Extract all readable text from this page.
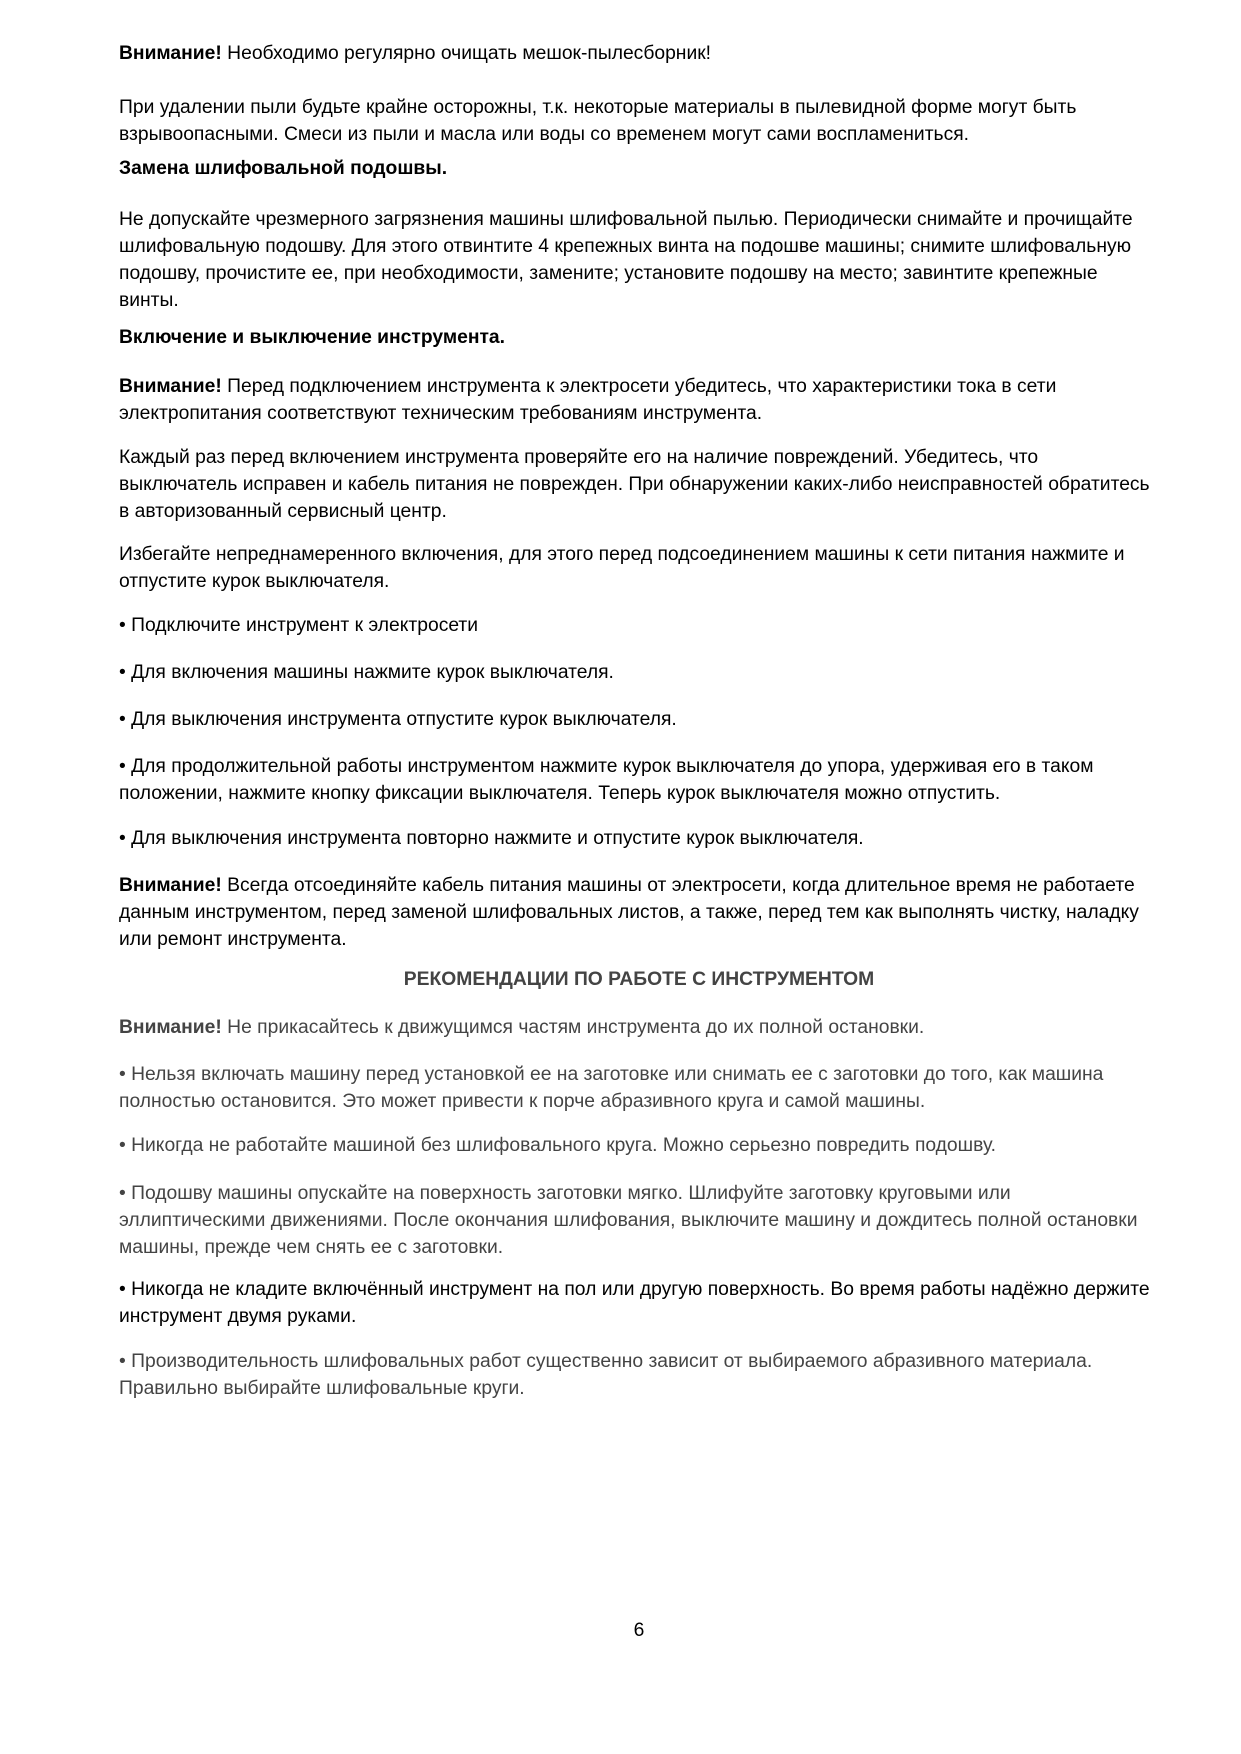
Внимание! Необходимо регулярно очищать мешок-пылесборник!

При удалении пыли будьте крайне осторожны, т.к. некоторые материалы в пылевидной форме могут быть взрывоопасными. Смеси из пыли и масла или воды со временем могут сами воспламениться.

Замена шлифовальной подошвы.

Не допускайте чрезмерного загрязнения машины шлифовальной пылью. Периодически снимайте и прочищайте шлифовальную подошву. Для этого отвинтите 4 крепежных винта на подошве машины; снимите шлифовальную подошву, прочистите ее, при необходимости, замените; установите подошву на место; завинтите крепежные винты.

Включение и выключение инструмента.

Внимание! Перед подключением инструмента к электросети убедитесь, что характеристики тока в сети электропитания соответствуют техническим требованиям инструмента.

Каждый раз перед включением инструмента проверяйте его на наличие повреждений. Убедитесь, что выключатель исправен и кабель питания не поврежден. При обнаружении каких-либо неисправностей обратитесь в авторизованный сервисный центр.

Избегайте непреднамеренного включения, для этого перед подсоединением машины к сети питания нажмите и отпустите курок выключателя.

• Подключите инструмент к электросети

• Для включения машины нажмите курок выключателя.

• Для выключения инструмента отпустите курок выключателя.

• Для продолжительной работы инструментом нажмите курок выключателя до упора, удерживая его в таком положении, нажмите кнопку фиксации выключателя. Теперь курок выключателя можно отпустить.

• Для выключения инструмента повторно нажмите и отпустите курок выключателя.

Внимание! Всегда отсоединяйте кабель питания машины от электросети, когда длительное время не работаете данным инструментом, перед заменой шлифовальных листов, а также, перед тем как выполнять чистку, наладку или ремонт инструмента.

РЕКОМЕНДАЦИИ ПО РАБОТЕ С ИНСТРУМЕНТОМ

Внимание! Не прикасайтесь к движущимся частям инструмента до их полной остановки.

• Нельзя включать машину перед установкой ее на заготовке или снимать ее с заготовки до того, как машина полностью остановится. Это может привести к порче абразивного круга и самой машины.

• Никогда не работайте машиной без шлифовального круга. Можно серьезно повредить подошву.

• Подошву машины опускайте на поверхность заготовки мягко. Шлифуйте заготовку круговыми или эллиптическими движениями. После окончания шлифования, выключите машину и дождитесь полной остановки машины, прежде чем снять ее с заготовки.

• Никогда не кладите включённый инструмент на пол или другую поверхность. Во время работы надёжно держите инструмент двумя руками.

• Производительность шлифовальных работ существенно зависит от выбираемого абразивного материала. Правильно выбирайте шлифовальные круги.

6
